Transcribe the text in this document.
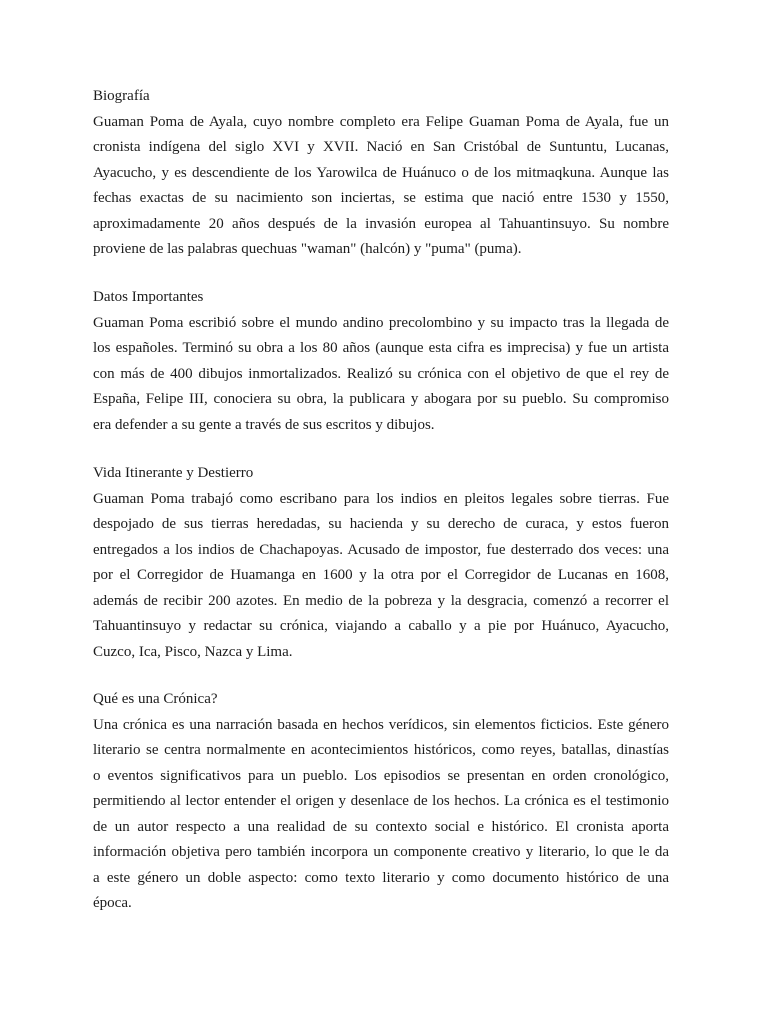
Biografía
Guaman Poma de Ayala, cuyo nombre completo era Felipe Guaman Poma de Ayala, fue un
cronista indígena del siglo XVI y XVII. Nació en San Cristóbal de Suntuntu, Lucanas,
Ayacucho, y es descendiente de los Yarowilca de Huánuco o de los mitmaqkuna. Aunque las
fechas exactas de su nacimiento son inciertas, se estima que nació entre 1530 y 1550,
aproximadamente 20 años después de la invasión europea al Tahuantinsuyo. Su nombre
proviene de las palabras quechuas "waman" (halcón) y "puma" (puma).
Datos Importantes
Guaman Poma escribió sobre el mundo andino precolombino y su impacto tras la llegada de
los españoles. Terminó su obra a los 80 años (aunque esta cifra es imprecisa) y fue un artista
con más de 400 dibujos inmortalizados. Realizó su crónica con el objetivo de que el rey de
España, Felipe III, conociera su obra, la publicara y abogara por su pueblo. Su compromiso
era defender a su gente a través de sus escritos y dibujos.
Vida Itinerante y Destierro
Guaman Poma trabajó como escribano para los indios en pleitos legales sobre tierras. Fue
despojado de sus tierras heredadas, su hacienda y su derecho de curaca, y estos fueron
entregados a los indios de Chachapoyas. Acusado de impostor, fue desterrado dos veces: una
por el Corregidor de Huamanga en 1600 y la otra por el Corregidor de Lucanas en 1608,
además de recibir 200 azotes. En medio de la pobreza y la desgracia, comenzó a recorrer el
Tahuantinsuyo y redactar su crónica, viajando a caballo y a pie por Huánuco, Ayacucho,
Cuzco, Ica, Pisco, Nazca y Lima.
Qué es una Crónica?
Una crónica es una narración basada en hechos verídicos, sin elementos ficticios. Este género
literario se centra normalmente en acontecimientos históricos, como reyes, batallas, dinastías
o eventos significativos para un pueblo. Los episodios se presentan en orden cronológico,
permitiendo al lector entender el origen y desenlace de los hechos. La crónica es el testimonio
de un autor respecto a una realidad de su contexto social e histórico. El cronista aporta
información objetiva pero también incorpora un componente creativo y literario, lo que le da
a este género un doble aspecto: como texto literario y como documento histórico de una
época.
